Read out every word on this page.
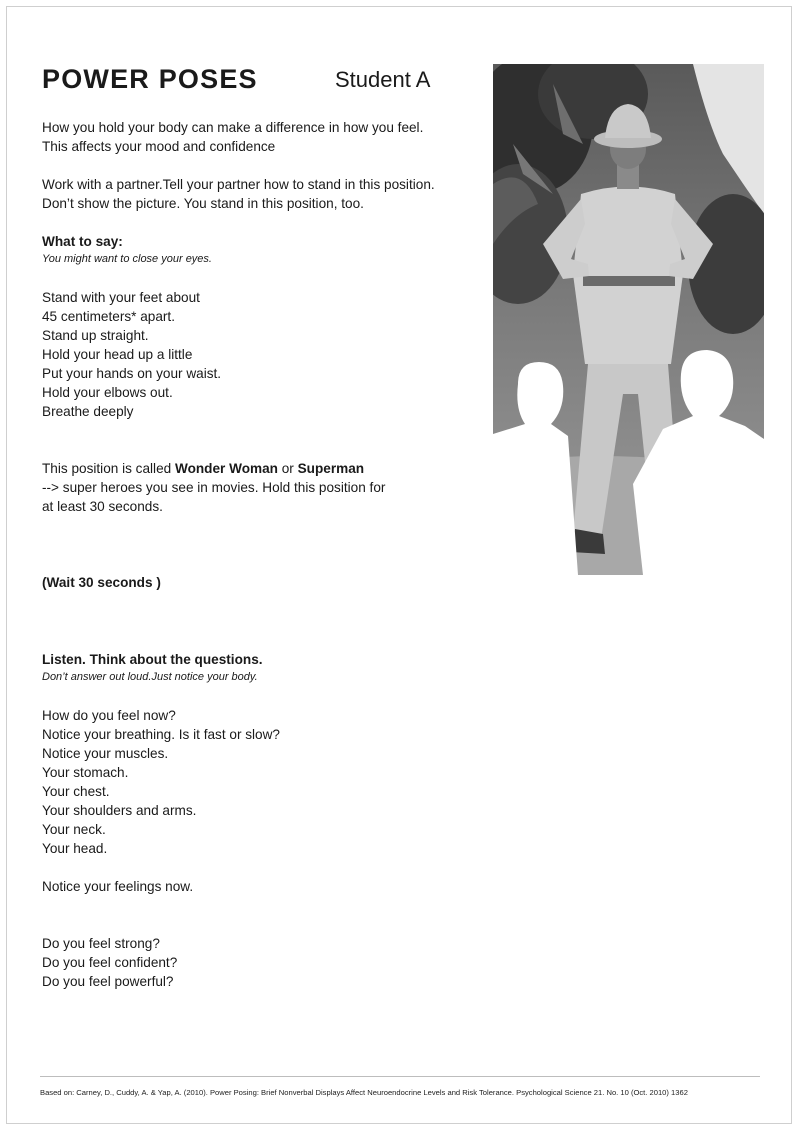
POWER POSES	Student A
How you hold your body can make a difference in how you feel.
This affects your mood and confidence
Work with a partner.Tell your partner how to stand in this position.
Don’t show the picture. You stand in this position, too.
What to say:
You might want to close your eyes.
Stand with your feet about
45 centimeters* apart.
Stand up straight.
Hold your head up a little
Put your hands on your waist.
Hold your elbows out.
Breathe deeply
This position is called Wonder Woman or Superman
--> super heroes you see in movies. Hold this position for
at least 30 seconds.
(Wait 30 seconds )
Listen. Think about the questions.
Don’t answer out loud.Just notice your body.
How do you feel now?
Notice your breathing. Is it fast or slow?
Notice your muscles.
Your stomach.
Your chest.
Your shoulders and arms.
Your neck.
Your head.
Notice your feelings now.
Do you feel strong?
Do you feel confident?
Do you feel powerful?
Based on: Carney, D., Cuddy, A. & Yap, A. (2010). Power Posing: Brief Nonverbal Displays Affect Neuroendocrine Levels and Risk Tolerance. Psychological Science 21. No. 10 (Oct. 2010) 1362
